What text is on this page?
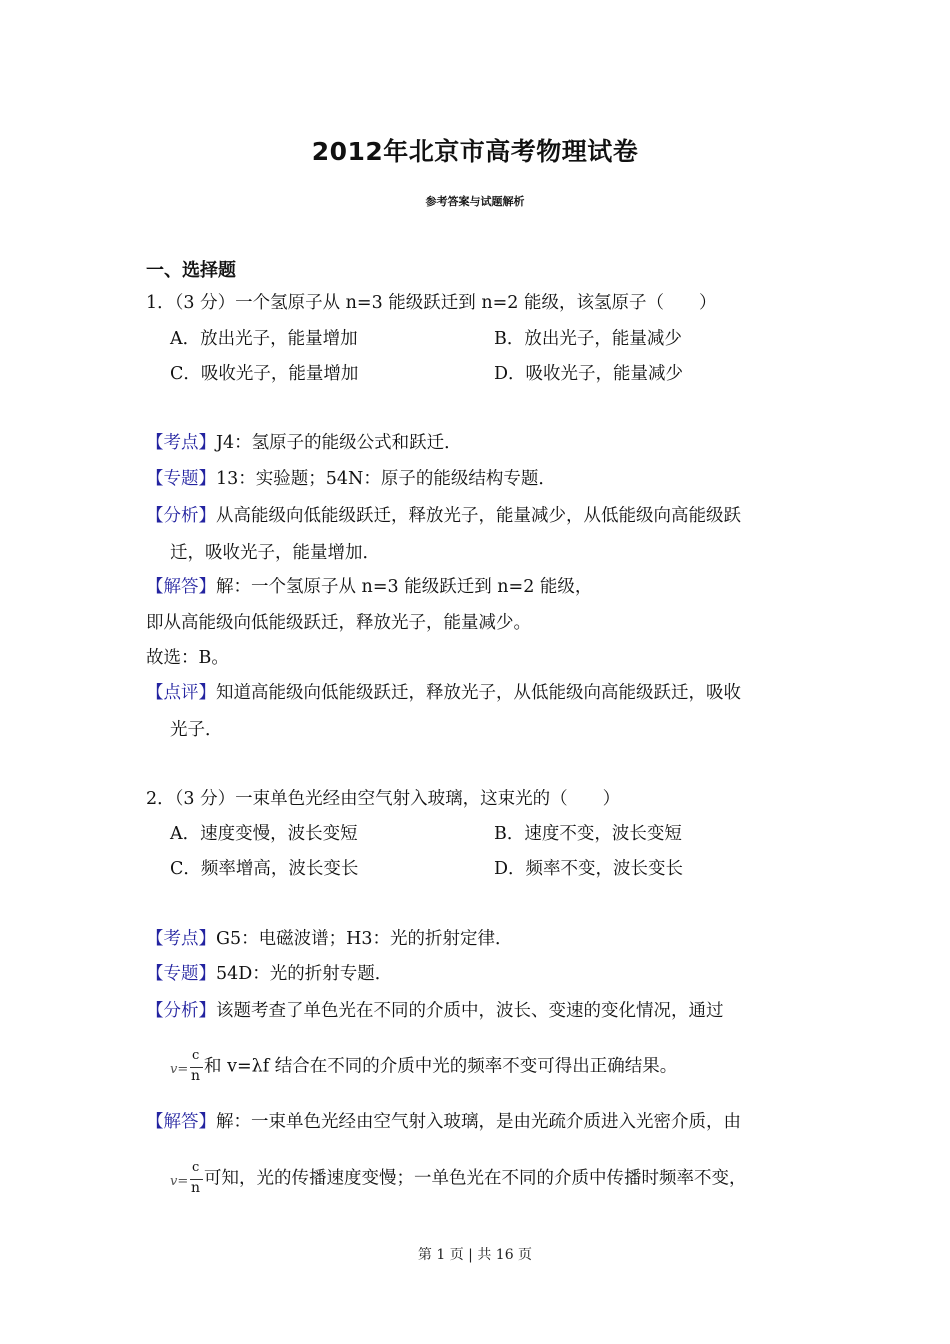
2012年北京市高考物理试卷
参考答案与试题解析
一、选择题
1．（3 分）一个氢原子从 n=3 能级跃迁到 n=2 能级，该氢原子（　　）
A．放出光子，能量增加	B．放出光子，能量减少
C．吸收光子，能量增加	D．吸收光子，能量减少
【考点】J4：氢原子的能级公式和跃迁．
【专题】13：实验题；54N：原子的能级结构专题．
【分析】从高能级向低能级跃迁，释放光子，能量减少，从低能级向高能级跃
迁，吸收光子，能量增加．
【解答】解：一个氢原子从 n=3 能级跃迁到 n=2 能级，
即从高能级向低能级跃迁，释放光子，能量减少。
故选：B。
【点评】知道高能级向低能级跃迁，释放光子，从低能级向高能级跃迁，吸收
光子．
2．（3 分）一束单色光经由空气射入玻璃，这束光的（　　）
A．速度变慢，波长变短	B．速度不变，波长变短
C．频率增高，波长变长	D．频率不变，波长变长
【考点】G5：电磁波谱；H3：光的折射定律．
【专题】54D：光的折射专题．
【分析】该题考查了单色光在不同的介质中，波长、变速的变化情况，通过
v=
c
n 和 v=λf 结合在不同的介质中光的频率不变可得出正确结果。
【解答】解：一束单色光经由空气射入玻璃，是由光疏介质进入光密介质，由
v=
c
n 可知，光的传播速度变慢；一单色光在不同的介质中传播时频率不变，
第 1 页 | 共 16 页
